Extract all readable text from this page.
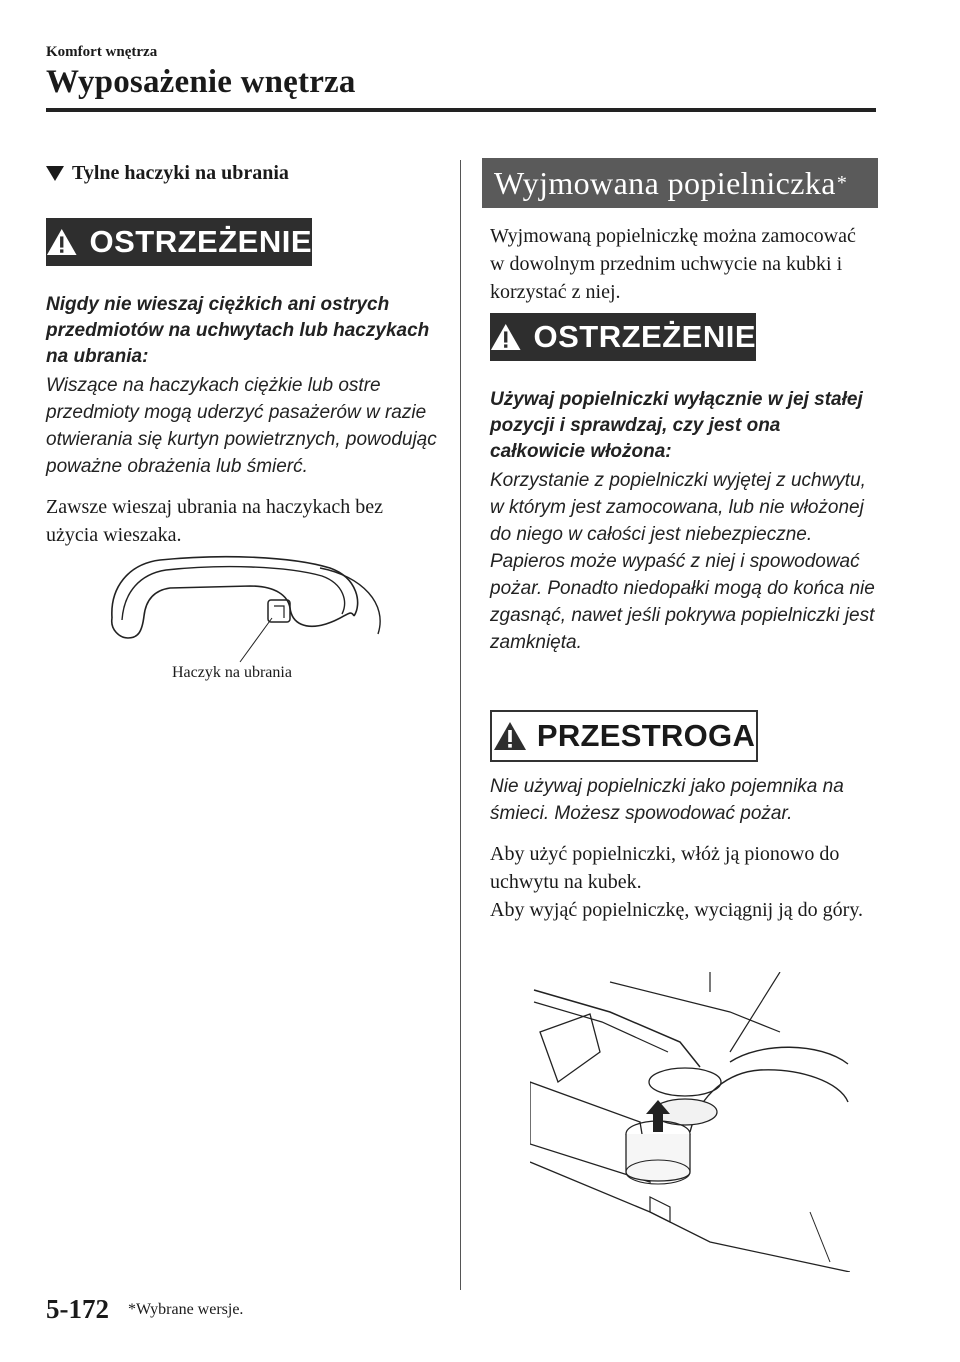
Komfort wnętrza
Wyposażenie wnętrza
Tylne haczyki na ubrania
OSTRZEŻENIE
Nigdy nie wieszaj ciężkich ani ostrych przedmiotów na uchwytach lub haczykach na ubrania:
Wiszące na haczykach ciężkie lub ostre przedmioty mogą uderzyć pasażerów w razie otwierania się kurtyn powietrznych, powodując poważne obrażenia lub śmierć.
Zawsze wieszaj ubrania na haczykach bez użycia wieszaka.
Haczyk na ubrania
Wyjmowana popielniczka *
Wyjmowaną popielniczkę można zamocować w dowolnym przednim uchwycie na kubki i korzystać z niej.
OSTRZEŻENIE
Używaj popielniczki wyłącznie w jej stałej pozycji i sprawdzaj, czy jest ona całkowicie włożona:
Korzystanie z popielniczki wyjętej z uchwytu, w którym jest zamocowana, lub nie włożonej do niego w całości jest niebezpieczne. Papieros może wypaść z niej i spowodować pożar. Ponadto niedopałki mogą do końca nie zgasnąć, nawet jeśli pokrywa popielniczki jest zamknięta.
PRZESTROGA
Nie używaj popielniczki jako pojemnika na śmieci. Możesz spowodować pożar.
Aby użyć popielniczki, włóż ją pionowo do uchwytu na kubek.
Aby wyjąć popielniczkę, wyciągnij ją do góry.
5-172 *Wybrane wersje.
